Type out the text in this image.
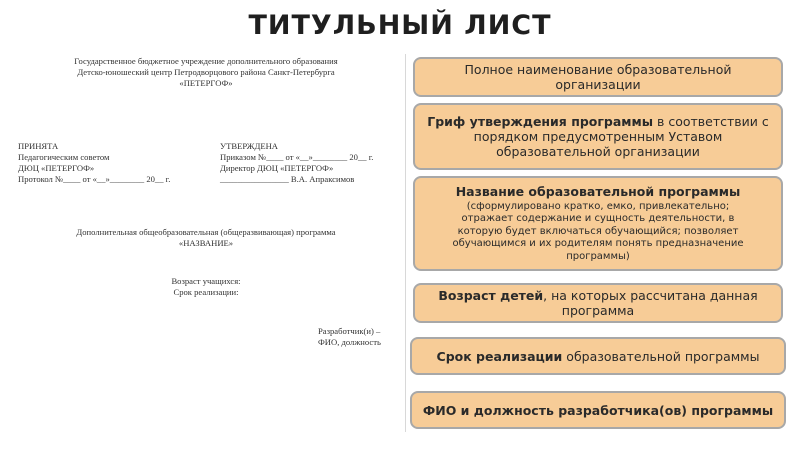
ТИТУЛЬНЫЙ ЛИСТ
Государственное бюджетное учреждение дополнительного образования
Детско-юношеский центр Петродворцового района Санкт-Петербурга
«ПЕТЕРГОФ»
ПРИНЯТА
Педагогическим советом
ДЮЦ «ПЕТЕРГОФ»
Протокол №____ от «__»________ 20__ г.
УТВЕРЖДЕНА
Приказом №____ от «__»________ 20__ г.
Директор ДЮЦ «ПЕТЕРГОФ»
________________ В.А. Апраксимов
Дополнительная общеобразовательная (общеразвивающая) программа
«НАЗВАНИЕ»
Возраст учащихся:
Срок реализации:
Разработчик(и) –
ФИО, должность
Полное наименование образовательной
организации
Гриф утверждения программы в соответствии с
порядком предусмотренным Уставом
образовательной организации
Название образовательной программы
(сформулировано кратко, емко, привлекательно;
отражает содержание и сущность деятельности, в
которую будет включаться обучающийся; позволяет
обучающимся и их родителям понять предназначение
программы)
Возраст детей, на которых рассчитана данная
программа
Срок реализации образовательной программы
ФИО и должность разработчика(ов) программы
